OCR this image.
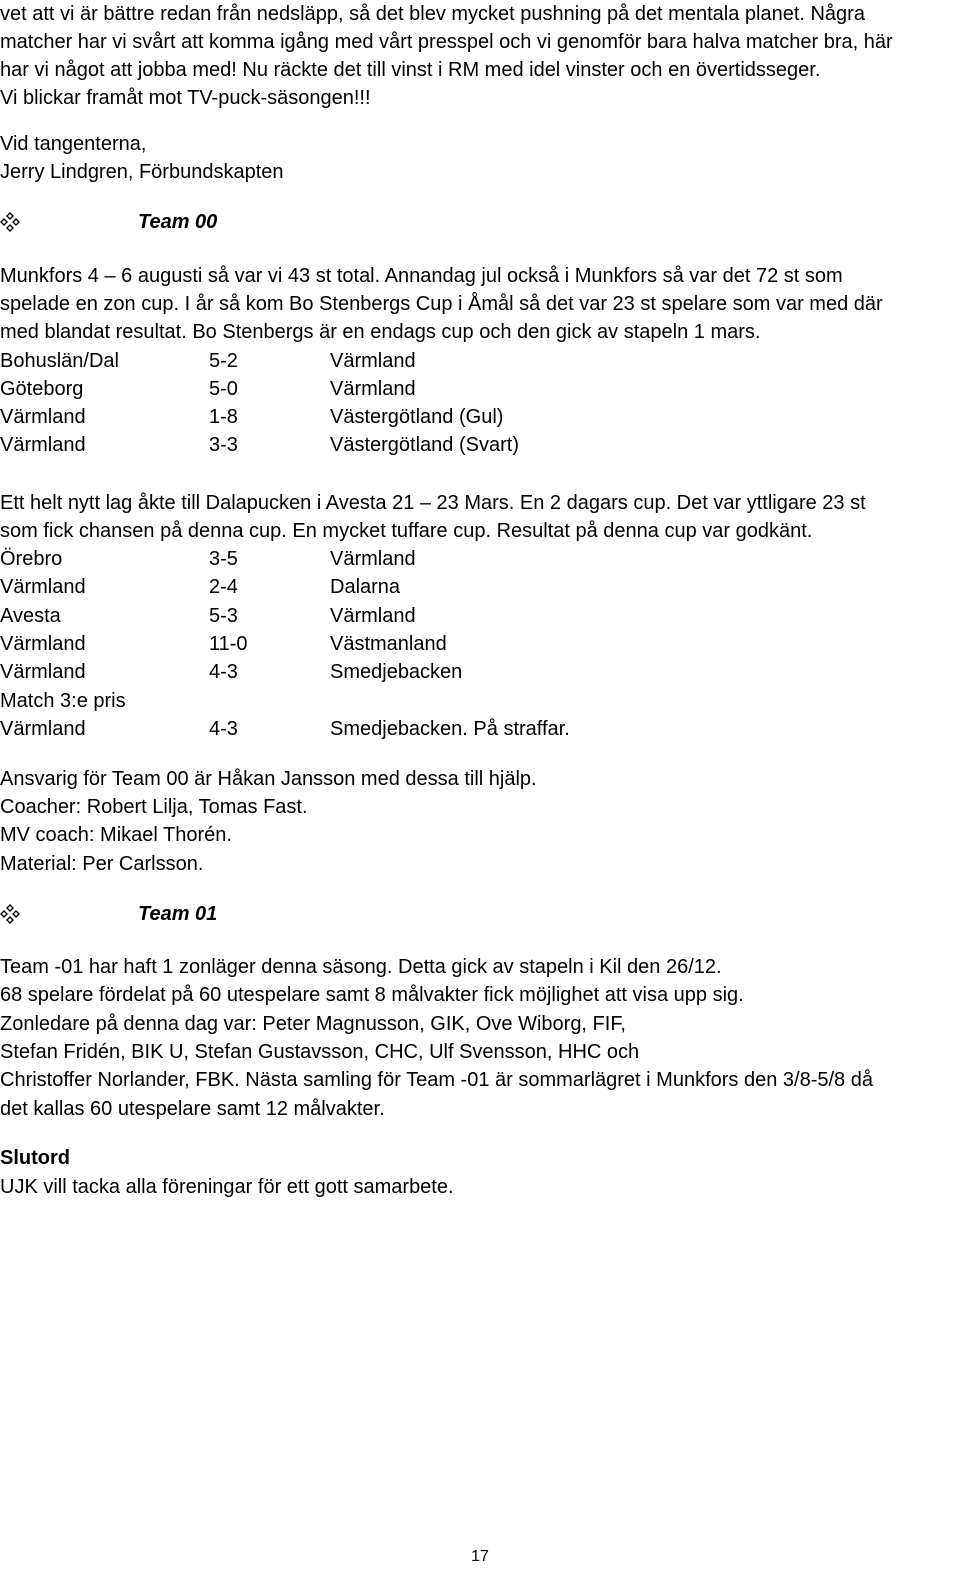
vet att vi är bättre redan från nedsläpp, så det blev mycket pushning på det mentala planet. Några
matcher har vi svårt att komma igång med vårt presspel och vi genomför bara halva matcher bra, här
har vi något att jobba med! Nu räckte det till vinst i RM med idel vinster och en övertidsseger.
Vi blickar framåt mot TV-puck-säsongen!!!
Vid tangenterna,
Jerry Lindgren, Förbundskapten
Team 00
Munkfors 4 – 6 augusti så var vi 43 st total. Annandag jul också i Munkfors så var det 72 st som
spelade en zon cup. I år så kom Bo Stenbergs Cup i Åmål så det var 23 st spelare som var med där
med blandat resultat. Bo Stenbergs är en endags cup och den gick av stapeln 1 mars.
Bohuslän/Dal	5-2	Värmland
Göteborg	5-0	Värmland
Värmland	1-8	Västergötland (Gul)
Värmland	3-3	Västergötland (Svart)
Ett helt nytt lag åkte till Dalapucken i Avesta 21 – 23 Mars. En 2 dagars cup. Det var yttligare 23 st
som fick chansen på denna cup. En mycket tuffare cup. Resultat på denna cup var godkänt.
Örebro	3-5	Värmland
Värmland	2-4	Dalarna
Avesta	5-3	Värmland
Värmland	11-0	Västmanland
Värmland	4-3	Smedjebacken
Match 3:e pris
Värmland	4-3	Smedjebacken. På straffar.
Ansvarig för Team 00 är Håkan Jansson med dessa till hjälp.
Coacher: Robert Lilja, Tomas Fast.
MV coach: Mikael Thorén.
Material: Per Carlsson.
Team 01
Team -01 har haft 1 zonläger denna säsong. Detta gick av stapeln i Kil den 26/12.
68 spelare fördelat på 60 utespelare samt 8 målvakter fick möjlighet att visa upp sig.
Zonledare på denna dag var: Peter Magnusson, GIK, Ove Wiborg, FIF,
Stefan Fridén, BIK U, Stefan Gustavsson, CHC, Ulf Svensson, HHC och
Christoffer Norlander, FBK. Nästa samling för Team -01 är sommarlägret i Munkfors den 3/8-5/8 då
det kallas 60 utespelare samt 12 målvakter.
Slutord
UJK vill tacka alla föreningar för ett gott samarbete.
17
